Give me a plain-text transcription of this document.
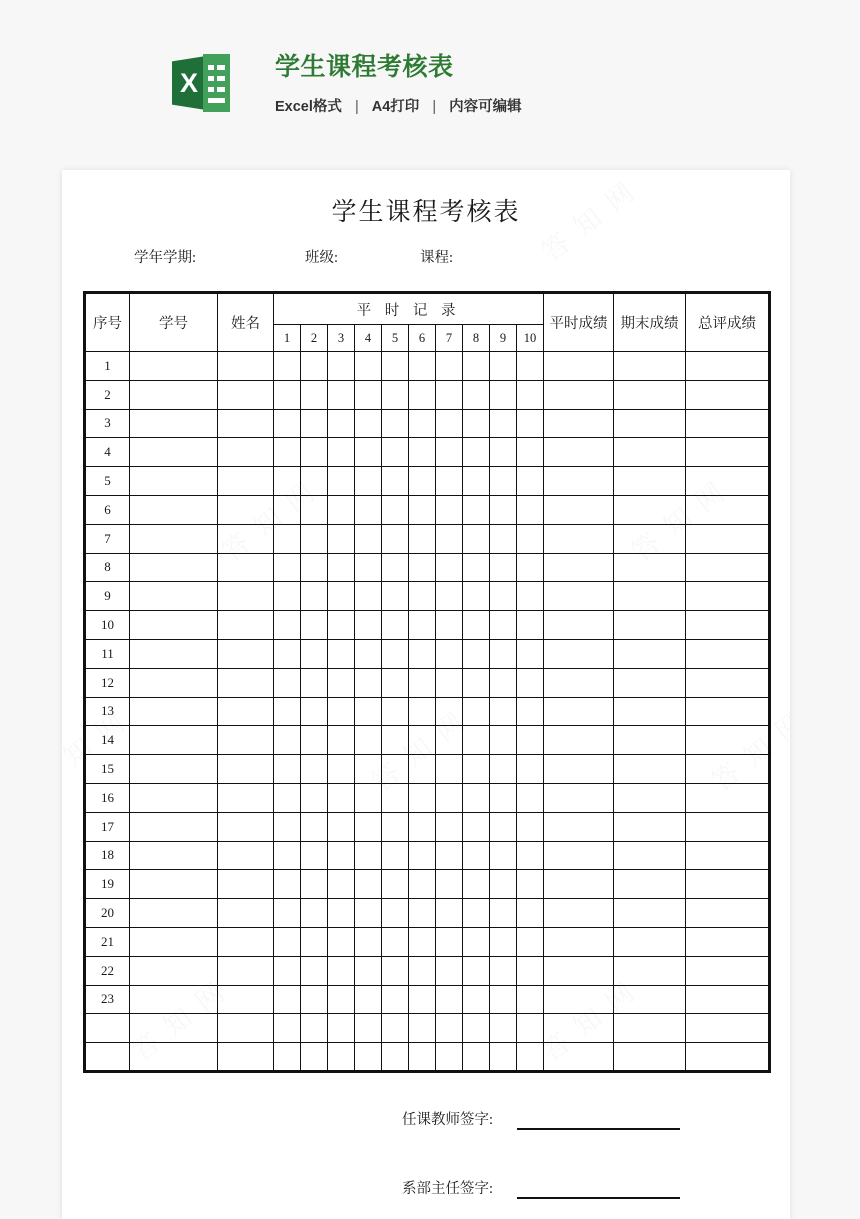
X
学生课程考核表
Excel格式 | A4打印 | 内容可编辑
学生课程考核表
学年学期:	班级:	课程:
序号	学号	姓名	平 时 记 录										平时成绩	期末成绩	总评成绩
			1	2	3	4	5	6	7	8	9	10			
1															
2															
3															
4															
5															
6															
7															
8															
9															
10															
11															
12															
13															
14															
15															
16															
17															
18															
19															
20															
21															
22															
23															

任课教师签字:
系部主任签字:
